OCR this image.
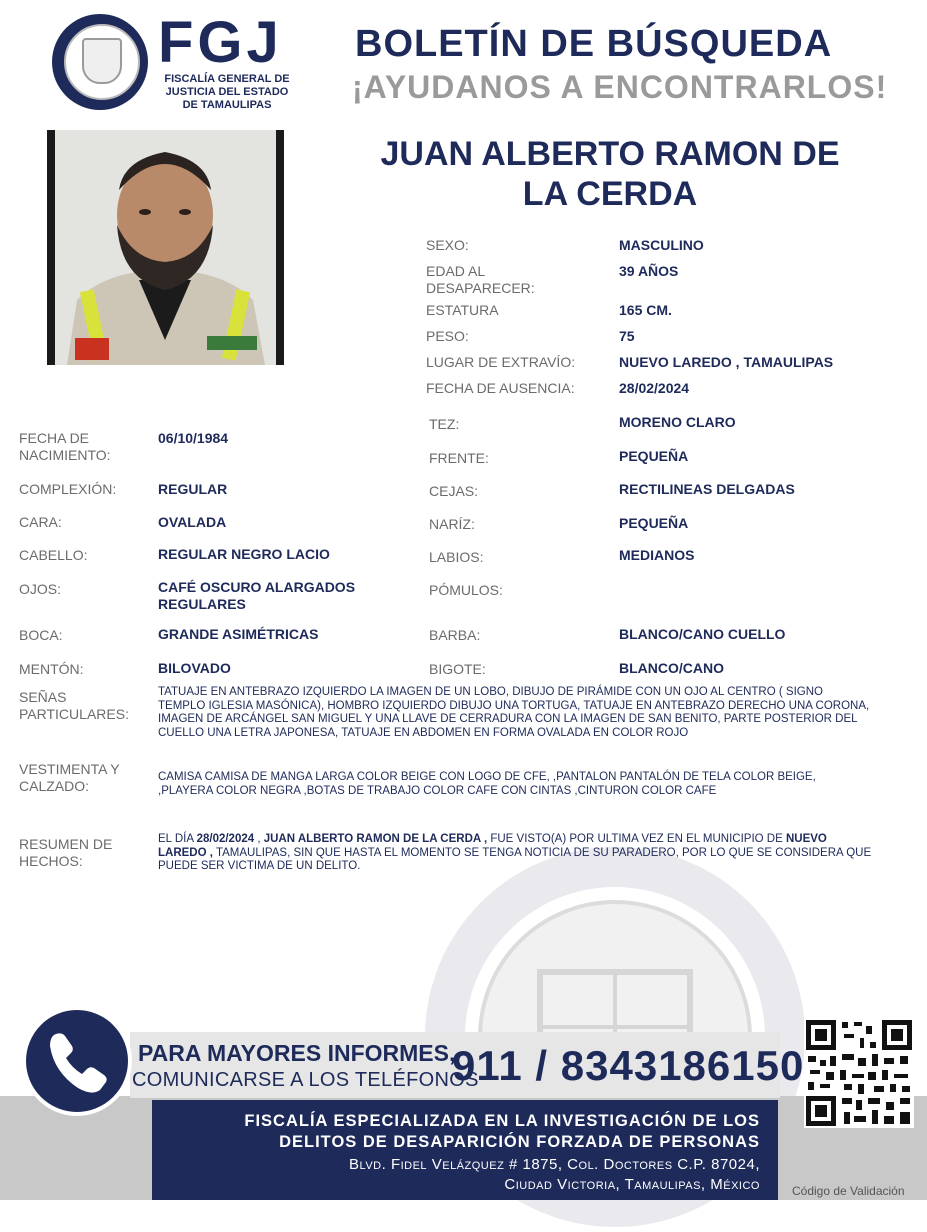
FGJ
FISCALÍA GENERAL DE
JUSTICIA DEL ESTADO
DE TAMAULIPAS
BOLETÍN DE BÚSQUEDA
¡AYUDANOS A ENCONTRARLOS!
JUAN ALBERTO RAMON DE
LA CERDA
SEXO:	MASCULINO
EDAD AL DESAPARECER:
39 AÑOS
ESTATURA	165 CM.
PESO:	75
LUGAR DE EXTRAVÍO:	NUEVO LAREDO , TAMAULIPAS
FECHA DE AUSENCIA:	28/02/2024
TEZ:	MORENO CLARO
FRENTE:	PEQUEÑA
CEJAS:	RECTILINEAS DELGADAS
NARÍZ:	PEQUEÑA
LABIOS:	MEDIANOS
PÓMULOS:
BARBA:	BLANCO/CANO CUELLO
BIGOTE:	BLANCO/CANO
FECHA DE NACIMIENTO:
06/10/1984
COMPLEXIÓN:	REGULAR
CARA:	OVALADA
CABELLO:	REGULAR NEGRO LACIO
OJOS:	CAFÉ OSCURO ALARGADOS REGULARES
BOCA:	GRANDE ASIMÉTRICAS
MENTÓN:	BILOVADO
SEÑAS PARTICULARES:
TATUAJE EN ANTEBRAZO IZQUIERDO LA IMAGEN DE UN LOBO, DIBUJO DE PIRÁMIDE CON UN OJO AL CENTRO ( SIGNO TEMPLO IGLESIA MASÓNICA), HOMBRO IZQUIERDO DIBUJO UNA TORTUGA, TATUAJE EN ANTEBRAZO DERECHO UNA CORONA, IMAGEN DE ARCÁNGEL SAN MIGUEL Y UNA LLAVE DE CERRADURA CON LA IMAGEN DE SAN BENITO, PARTE POSTERIOR DEL CUELLO UNA LETRA JAPONESA, TATUAJE EN ABDOMEN EN FORMA OVALADA EN COLOR ROJO
VESTIMENTA Y CALZADO:
CAMISA CAMISA DE MANGA LARGA COLOR BEIGE CON LOGO DE CFE, ,PANTALON PANTALÓN DE TELA COLOR BEIGE, ,PLAYERA COLOR NEGRA ,BOTAS DE TRABAJO COLOR CAFE CON CINTAS ,CINTURON COLOR CAFE
RESUMEN DE HECHOS:
EL DÍA 28/02/2024 , JUAN ALBERTO RAMON DE LA CERDA , FUE VISTO(A) POR ULTIMA VEZ EN EL MUNICIPIO DE NUEVO LAREDO , TAMAULIPAS, SIN QUE HASTA EL MOMENTO SE TENGA NOTICIA DE SU PARADERO, POR LO QUE SE CONSIDERA QUE PUEDE SER VICTIMA DE UN DELITO.
PARA MAYORES INFORMES,
COMUNICARSE A LOS TELÉFONOS
911 / 8343186150
FISCALÍA ESPECIALIZADA EN LA INVESTIGACIÓN DE LOS
DELITOS DE DESAPARICIÓN FORZADA DE PERSONAS
Blvd. Fidel Velázquez # 1875, Col. Doctores C.P. 87024,
Ciudad Victoria, Tamaulipas, México	Código de Validación
